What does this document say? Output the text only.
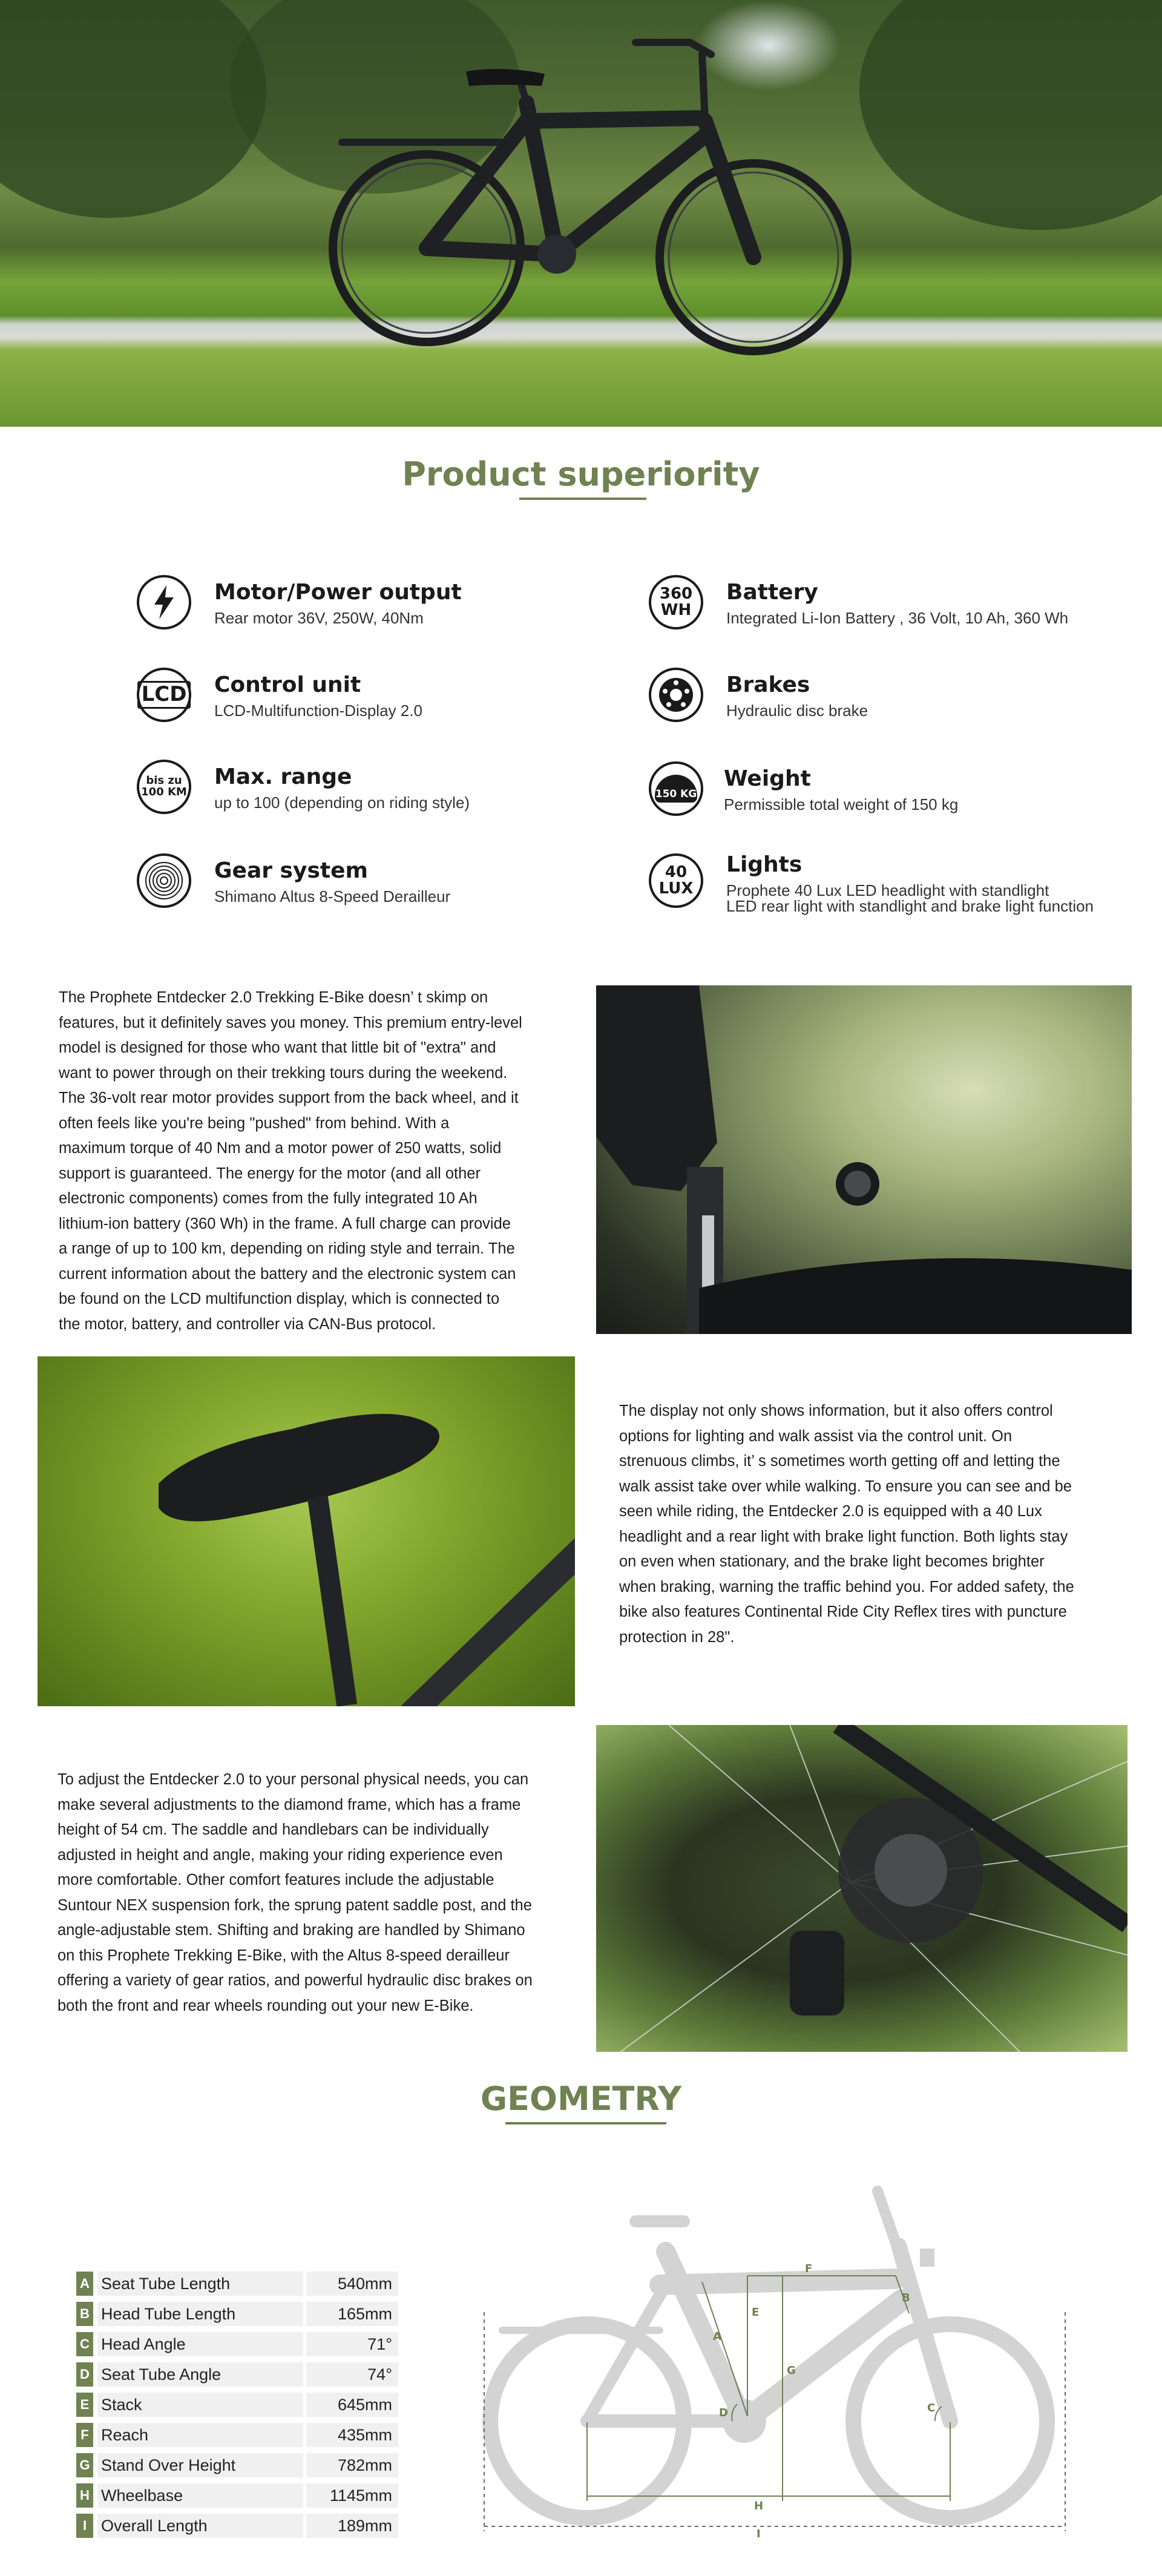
Product superiority
Motor/Power output
Rear motor 36V, 250W, 40Nm
LCD Control unit
LCD-Multifunction-Display 2.0
bis zu
100 KM
Max. range
up to 100 (depending on riding style)
Gear system
Shimano Altus 8-Speed Derailleur
360
WH
Battery
Integrated Li-Ion Battery , 36 Volt, 10 Ah, 360 Wh
Brakes
Hydraulic disc brake
150 KG
Weight
Permissible total weight of 150 kg
40
LUX
Lights
Prophete 40 Lux LED headlight with standlight
LED rear light with standlight and brake light function
The Prophete Entdecker 2.0 Trekking E-Bike doesn’ t skimp on
features, but it definitely saves you money. This premium entry-level
model is designed for those who want that little bit of "extra" and
want to power through on their trekking tours during the weekend.
The 36-volt rear motor provides support from the back wheel, and it
often feels like you're being "pushed" from behind. With a
maximum torque of 40 Nm and a motor power of 250 watts, solid
support is guaranteed. The energy for the motor (and all other
electronic components) comes from the fully integrated 10 Ah
lithium-ion battery (360 Wh) in the frame. A full charge can provide
a range of up to 100 km, depending on riding style and terrain. The
current information about the battery and the electronic system can
be found on the LCD multifunction display, which is connected to
the motor, battery, and controller via CAN-Bus protocol.
The display not only shows information, but it also offers control
options for lighting and walk assist via the control unit. On
strenuous climbs, it’ s sometimes worth getting off and letting the
walk assist take over while walking. To ensure you can see and be
seen while riding, the Entdecker 2.0 is equipped with a 40 Lux
headlight and a rear light with brake light function. Both lights stay
on even when stationary, and the brake light becomes brighter
when braking, warning the traffic behind you. For added safety, the
bike also features Continental Ride City Reflex tires with puncture
protection in 28".
To adjust the Entdecker 2.0 to your personal physical needs, you can
make several adjustments to the diamond frame, which has a frame
height of 54 cm. The saddle and handlebars can be individually
adjusted in height and angle, making your riding experience even
more comfortable. Other comfort features include the adjustable
Suntour NEX suspension fork, the sprung patent saddle post, and the
angle-adjustable stem. Shifting and braking are handled by Shimano
on this Prophete Trekking E-Bike, with the Altus 8-speed derailleur
offering a variety of gear ratios, and powerful hydraulic disc brakes on
both the front and rear wheels rounding out your new E-Bike.
GEOMETRY
A Seat Tube Length	540mm
B Head Tube Length	165mm
C Head Angle	71°
D Seat Tube Angle	74°
E Stack	645mm
F Reach	435mm
G Stand Over Height	782mm
H Wheelbase	1145mm
I Overall Length	189mm
A
B
C
D
E
F
G
H
I
